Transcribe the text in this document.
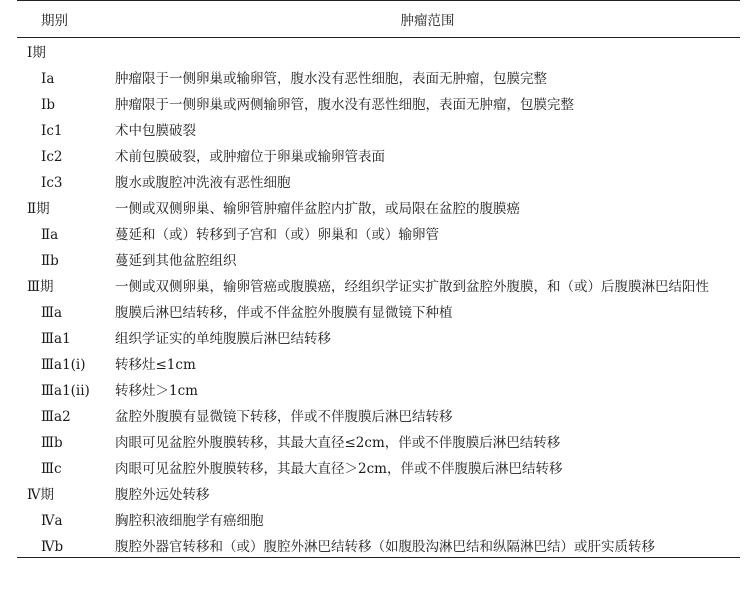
期别	肿瘤范围
Ⅰ期	
Ⅰa	肿瘤限于一侧卵巢或输卵管，腹水没有恶性细胞，表面无肿瘤，包膜完整
Ⅰb	肿瘤限于一侧卵巢或两侧输卵管，腹水没有恶性细胞，表面无肿瘤，包膜完整
Ⅰc1	术中包膜破裂
Ⅰc2	术前包膜破裂，或肿瘤位于卵巢或输卵管表面
Ⅰc3	腹水或腹腔冲洗液有恶性细胞
Ⅱ期	一侧或双侧卵巢、输卵管肿瘤伴盆腔内扩散，或局限在盆腔的腹膜癌
Ⅱa	蔓延和（或）转移到子宫和（或）卵巢和（或）输卵管
Ⅱb	蔓延到其他盆腔组织
Ⅲ期	一侧或双侧卵巢，输卵管癌或腹膜癌，经组织学证实扩散到盆腔外腹膜，和（或）后腹膜淋巴结阳性
Ⅲa	腹膜后淋巴结转移，伴或不伴盆腔外腹膜有显微镜下种植
Ⅲa1	组织学证实的单纯腹膜后淋巴结转移
Ⅲa1(i)	转移灶≤1cm
Ⅲa1(ii)	转移灶＞1cm
Ⅲa2	盆腔外腹膜有显微镜下转移，伴或不伴腹膜后淋巴结转移
Ⅲb	肉眼可见盆腔外腹膜转移，其最大直径≤2cm，伴或不伴腹膜后淋巴结转移
Ⅲc	肉眼可见盆腔外腹膜转移，其最大直径＞2cm，伴或不伴腹膜后淋巴结转移
Ⅳ期	腹腔外远处转移
Ⅳa	胸腔积液细胞学有癌细胞
Ⅳb	腹腔外器官转移和（或）腹腔外淋巴结转移（如腹股沟淋巴结和纵隔淋巴结）或肝实质转移
